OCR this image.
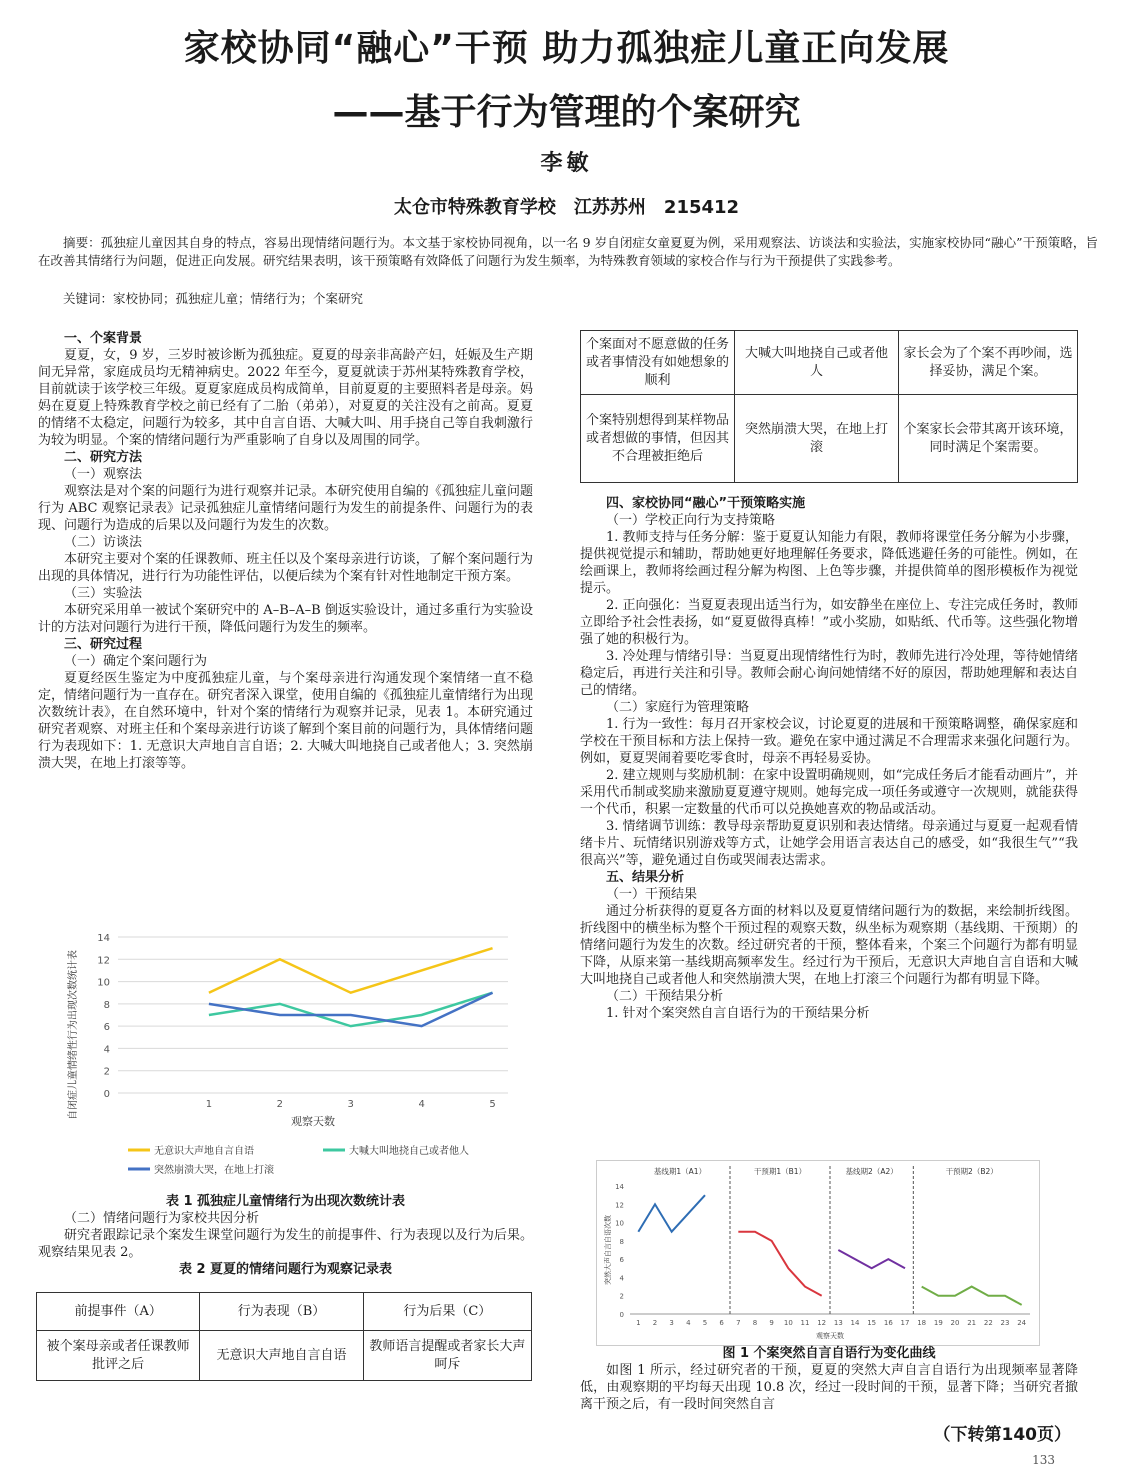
家校协同“融心”干预 助力孤独症儿童正向发展
——基于行为管理的个案研究
李敏
太仓市特殊教育学校　江苏苏州　215412
摘要：孤独症儿童因其自身的特点，容易出现情绪问题行为。本文基于家校协同视角，以一名 9 岁自闭症女童夏夏为例，采用观察法、访谈法和实验法，实施家校协同“融心”干预策略，旨在改善其情绪行为问题，促进正向发展。研究结果表明，该干预策略有效降低了问题行为发生频率，为特殊教育领域的家校合作与行为干预提供了实践参考。
关键词：家校协同；孤独症儿童；情绪行为；个案研究

一、个案背景

夏夏，女，9 岁，三岁时被诊断为孤独症。夏夏的母亲非高龄产妇，妊娠及生产期间无异常，家庭成员均无精神病史。2022 年至今，夏夏就读于苏州某特殊教育学校，目前就读于该学校三年级。夏夏家庭成员构成简单，目前夏夏的主要照料者是母亲。妈妈在夏夏上特殊教育学校之前已经有了二胎（弟弟），对夏夏的关注没有之前高。夏夏的情绪不太稳定，问题行为较多，其中自言自语、大喊大叫、用手挠自己等自我刺激行为较为明显。个案的情绪问题行为严重影响了自身以及周围的同学。

二、研究方法

（一）观察法

观察法是对个案的问题行为进行观察并记录。本研究使用自编的《孤独症儿童问题行为 ABC 观察记录表》记录孤独症儿童情绪问题行为发生的前提条件、问题行为的表现、问题行为造成的后果以及问题行为发生的次数。

（二）访谈法

本研究主要对个案的任课教师、班主任以及个案母亲进行访谈，了解个案问题行为出现的具体情况，进行行为功能性评估，以便后续为个案有针对性地制定干预方案。

（三）实验法

本研究采用单一被试个案研究中的 A–B–A–B 倒返实验设计，通过多重行为实验设计的方法对问题行为进行干预，降低问题行为发生的频率。

三、研究过程

（一）确定个案问题行为

夏夏经医生鉴定为中度孤独症儿童，与个案母亲进行沟通发现个案情绪一直不稳定，情绪问题行为一直存在。研究者深入课堂，使用自编的《孤独症儿童情绪行为出现次数统计表》，在自然环境中，针对个案的情绪行为观察并记录，见表 1。本研究通过研究者观察、对班主任和个案母亲进行访谈了解到个案目前的问题行为，具体情绪问题行为表现如下：1. 无意识大声地自言自语；2. 大喊大叫地挠自己或者他人；3. 突然崩溃大哭，在地上打滚等等。

0
2
4
6
8
10
12
14
1	2	3	4	5
观察天数
自闭症儿童情绪性行为出现次数统计表
无意识大声地自言自语	大喊大叫地挠自己或者他人
突然崩溃大哭，在地上打滚
表 1 孤独症儿童情绪行为出现次数统计表
（二）情绪问题行为家校共因分析
研究者跟踪记录个案发生课堂问题行为发生的前提事件、行为表现以及行为后果。观察结果见表 2。
表 2 夏夏的情绪问题行为观察记录表
前提事件（A）	行为表现（B）	行为后果（C）
被个案母亲或者任课教师批评之后	无意识大声地自言自语	教师语言提醒或者家长大声呵斥
个案面对不愿意做的任务或者事情没有如她想象的顺利	大喊大叫地挠自己或者他人	家长会为了个案不再吵闹，选择妥协，满足个案。
个案特别想得到某样物品或者想做的事情，但因其不合理被拒绝后	突然崩溃大哭，在地上打滚	个案家长会带其离开该环境，同时满足个案需要。

四、家校协同“融心”干预策略实施

（一）学校正向行为支持策略

1. 教师支持与任务分解：鉴于夏夏认知能力有限，教师将课堂任务分解为小步骤，提供视觉提示和辅助，帮助她更好地理解任务要求，降低逃避任务的可能性。例如，在绘画课上，教师将绘画过程分解为构图、上色等步骤，并提供简单的图形模板作为视觉提示。

2. 正向强化：当夏夏表现出适当行为，如安静坐在座位上、专注完成任务时，教师立即给予社会性表扬，如“夏夏做得真棒！”或小奖励，如贴纸、代币等。这些强化物增强了她的积极行为。

3. 冷处理与情绪引导：当夏夏出现情绪性行为时，教师先进行冷处理，等待她情绪稳定后，再进行关注和引导。教师会耐心询问她情绪不好的原因，帮助她理解和表达自己的情绪。

（二）家庭行为管理策略

1. 行为一致性：每月召开家校会议，讨论夏夏的进展和干预策略调整，确保家庭和学校在干预目标和方法上保持一致。避免在家中通过满足不合理需求来强化问题行为。例如，夏夏哭闹着要吃零食时，母亲不再轻易妥协。

2. 建立规则与奖励机制：在家中设置明确规则，如“完成任务后才能看动画片”，并采用代币制或奖励来激励夏夏遵守规则。她每完成一项任务或遵守一次规则，就能获得一个代币，积累一定数量的代币可以兑换她喜欢的物品或活动。

3. 情绪调节训练：教导母亲帮助夏夏识别和表达情绪。母亲通过与夏夏一起观看情绪卡片、玩情绪识别游戏等方式，让她学会用语言表达自己的感受，如“我很生气”“我很高兴”等，避免通过自伤或哭闹表达需求。

五、结果分析

（一）干预结果

通过分析获得的夏夏各方面的材料以及夏夏情绪问题行为的数据，来绘制折线图。折线图中的横坐标为整个干预过程的观察天数，纵坐标为观察期（基线期、干预期）的情绪问题行为发生的次数。经过研究者的干预，整体看来，个案三个问题行为都有明显下降，从原来第一基线期高频率发生。经过行为干预后，无意识大声地自言自语和大喊大叫地挠自己或者他人和突然崩溃大哭，在地上打滚三个问题行为都有明显下降。

（二）干预结果分析

1. 针对个案突然自言自语行为的干预结果分析

0
2
4
6
8
10
12
14
1 2 3 4 5 6 7 8 9 10 11 12 13 14 15 16 17 18 19 20 21 22 23 24
观察天数
突然大声自言自语次数
基线期1（A1）	干预期1（B1）	基线期2（A2）	干预期2（B2）
图 1 个案突然自言自语行为变化曲线
如图 1 所示，经过研究者的干预，夏夏的突然大声自言自语行为出现频率显著降低，由观察期的平均每天出现 10.8 次，经过一段时间的干预，显著下降；当研究者撤离干预之后，有一段时间突然自言
（下转第140页）
133
